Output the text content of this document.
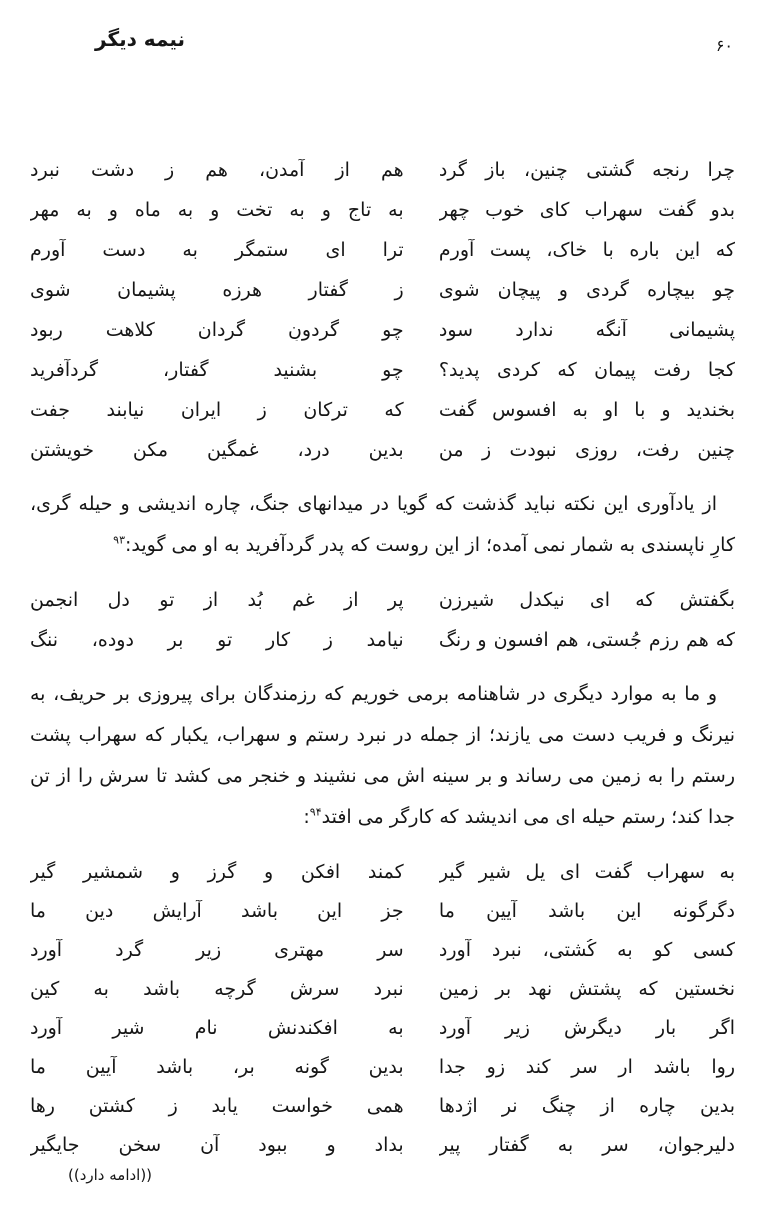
نیمه دیگر	۶۰
چرا رنجه گشتی چنین، باز گرد
هم از آمدن، هم ز دشت نبرد
بدو گفت سهراب کای خوب چهر
به تاج و به تخت و به ماه و به مهر
که این باره با خاک، پست آورم
ترا ای ستمگر به دست آورم
چو بیچاره گردی و پیچان شوی
ز گفتار هرزه پشیمان شوی
پشیمانی آنگه ندارد سود
چو گردونِ گردان کلاهت ربود
کجا رفت پیمان که کردی پدید؟
چو بشنید گفتار، گردآفرید
بخندید و با او به افسوس گفت
که ترکان ز ایران نیابند جفت
چنین رفت، روزی نبودت ز من
بدین درد، غمگین مکن خویشتن

از یادآوری این نکته نباید گذشت که گویا در میدانهای جنگ، چاره اندیشی و حیله گری، کارِ ناپسندی به شمار نمی آمده؛ از این روست که پدر گردآفرید به او می گوید:$^{۹۳}$

بگفتش که ای نیکدل شیرزن
پر از غم بُد از تو دل انجمن
که هم رزم جُستی، هم افسون و رنگ
نیامد ز کار تو بر دوده، ننگ

و ما به موارد دیگری در شاهنامه برمی خوریم که رزمندگان برای پیروزی بر حریف، به نیرنگ و فریب دست می یازند؛ از جمله در نبرد رستم و سهراب، یکبار که سهراب پشت رستم را به زمین می رساند و بر سینه اش می نشیند و خنجر می کشد تا سرش را از تن جدا کند؛ رستم حیله ای می اندیشد که کارگر می افتد$^{۹۴}$:

به سهراب گفت ای یل شیر گیر
کمند افکن و گرز و شمشیر گیر
دگرگونه این باشد آیین ما
جز این باشد آرایش دین ما
کسی کو به کُشتی، نبرد آورد
سر مهتری زیر گرد آورد
نخستین که پشتش نهد بر زمین
نبرد سرش گرچه باشد به کین
اگر بار دیگرش زیر آورد
به افکندنش نام شیر آورد
روا باشد ار سر کند زو جدا
بدین گونه بر، باشد آیین ما
بدین چاره از چنگ نر اژدها
همی خواست یابد ز کشتن رها
دلیرجوان، سر به گفتار پیر
بداد و ببود آن سخن جایگیر
((ادامه دارد))
